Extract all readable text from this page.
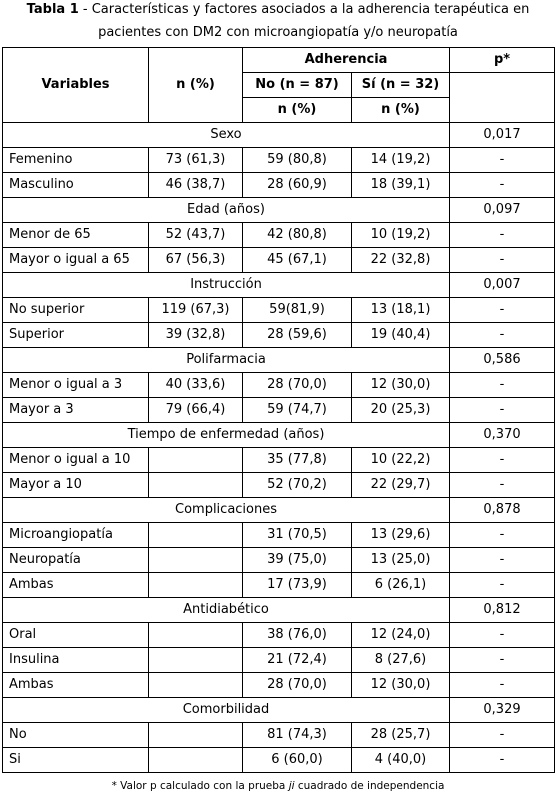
Tabla 1 - Características y factores asociados a la adherencia terapéutica en
pacientes con DM2 con microangiopatía y/o neuropatía
Variables	n (%)	Adherencia		p*
		No (n = 87)	Sí (n = 32)	
		n (%)	n (%)	
Sexo				0,017
Femenino	73 (61,3)	59 (80,8)	14 (19,2)	-
Masculino	46 (38,7)	28 (60,9)	18 (39,1)	-
Edad (años)				0,097
Menor de 65	52 (43,7)	42 (80,8)	10 (19,2)	-
Mayor o igual a 65	67 (56,3)	45 (67,1)	22 (32,8)	-
Instrucción				0,007
No superior	119 (67,3)	59(81,9)	13 (18,1)	-
Superior	39 (32,8)	28 (59,6)	19 (40,4)	-
Polifarmacia				0,586
Menor o igual a 3	40 (33,6)	28 (70,0)	12 (30,0)	-
Mayor a 3	79 (66,4)	59 (74,7)	20 (25,3)	-
Tiempo de enfermedad (años)				0,370
Menor o igual a 10		35 (77,8)	10 (22,2)	-
Mayor a 10		52 (70,2)	22 (29,7)	-
Complicaciones				0,878
Microangiopatía		31 (70,5)	13 (29,6)	-
Neuropatía		39 (75,0)	13 (25,0)	-
Ambas		17 (73,9)	6 (26,1)	-
Antidiabético				0,812
Oral		38 (76,0)	12 (24,0)	-
Insulina		21 (72,4)	8 (27,6)	-
Ambas		28 (70,0)	12 (30,0)	-
Comorbilidad				0,329
No		81 (74,3)	28 (25,7)	-
Si		6 (60,0)	4 (40,0)	-
* Valor p calculado con la prueba ji cuadrado de independencia
